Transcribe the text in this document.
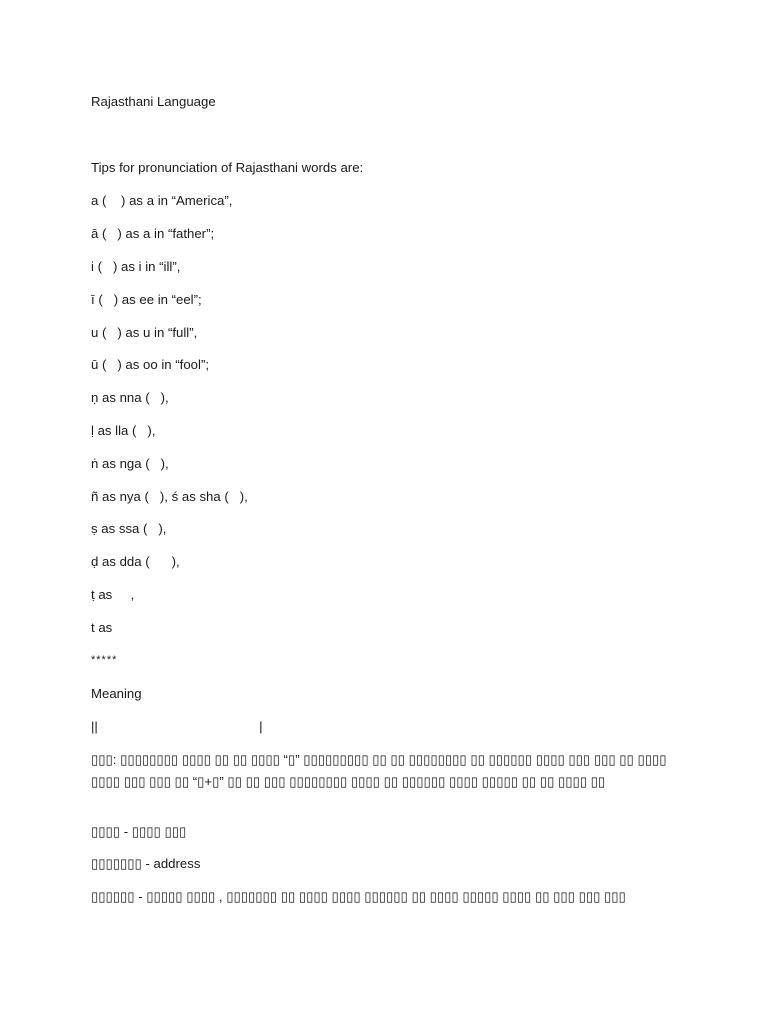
Rajasthani Language
Tips for pronunciation of Rajasthani words are:
a (    ) as a in “America”,
ā (   ) as a in “father”;
i (   ) as i in “ill”,
ī (   ) as ee in “eel”;
u (   ) as u in “full”,
ū (   ) as oo in “fool”;
ṇ as nna (   ),
ḷ as lla (   ),
ṅ as nga (   ),
ñ as nya (   ), ś as sha (   ),
ṣ as ssa (   ),
ḍ as dda (      ),
ṭ as     ,
t as
*****
Meaning
||                                            |
▯▯▯: ▯▯▯▯▯▯▯▯ ▯▯▯▯ ▯▯ ▯▯ ▯▯▯▯ “▯” ▯▯▯▯▯▯▯▯▯ ▯▯ ▯▯ ▯▯▯▯▯▯▯▯ ▯▯ ▯▯▯▯▯▯ ▯▯▯▯ ▯▯▯ ▯▯▯ ▯▯ ▯▯▯▯ ▯▯▯▯ ▯▯▯ ▯▯▯ ▯▯ “▯+▯” ▯▯ ▯▯ ▯▯▯ ▯▯▯▯▯▯▯▯ ▯▯▯▯ ▯▯ ▯▯▯▯▯▯ ▯▯▯▯ ▯▯▯▯▯ ▯▯ ▯▯ ▯▯▯▯ ▯▯
▯▯▯▯ - ▯▯▯▯ ▯▯▯
▯▯▯▯▯▯▯ - address
▯▯▯▯▯▯ - ▯▯▯▯▯ ▯▯▯▯ , ▯▯▯▯▯▯▯ ▯▯ ▯▯▯▯ ▯▯▯▯ ▯▯▯▯▯▯ ▯▯ ▯▯▯▯ ▯▯▯▯▯ ▯▯▯▯ ▯▯ ▯▯▯ ▯▯▯ ▯▯▯
